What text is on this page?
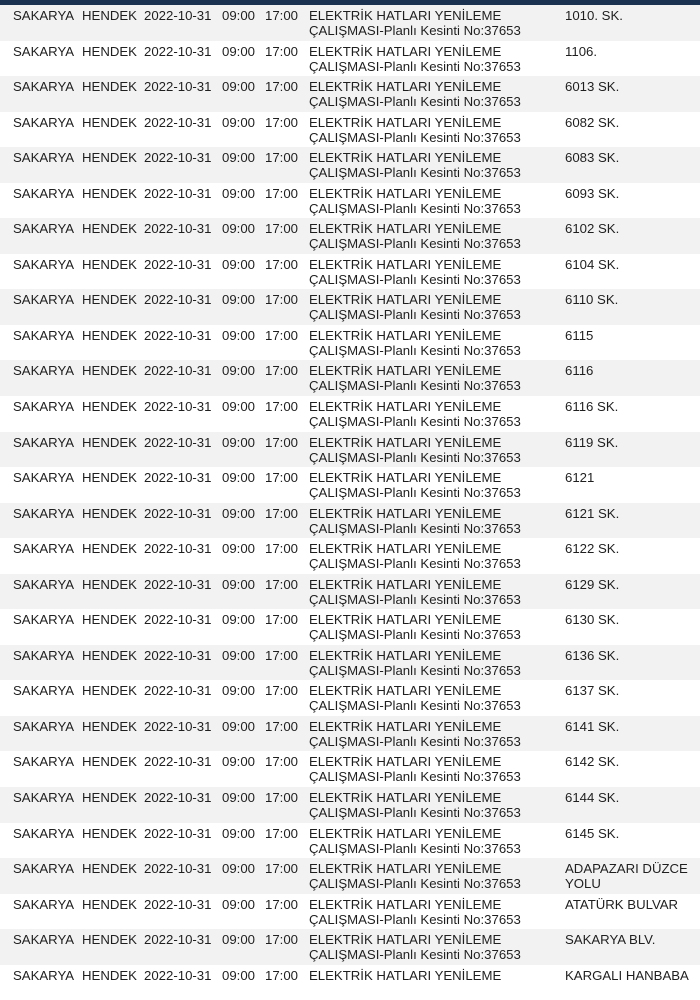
SAKARYA HENDEK 2022-10-31 09:00 17:00 ELEKTRİK HATLARI YENİLEME
ÇALIŞMASI-Planlı Kesinti No:37653
1010. SK.
SAKARYA HENDEK 2022-10-31 09:00 17:00 ELEKTRİK HATLARI YENİLEME
ÇALIŞMASI-Planlı Kesinti No:37653
1106.
SAKARYA HENDEK 2022-10-31 09:00 17:00 ELEKTRİK HATLARI YENİLEME
ÇALIŞMASI-Planlı Kesinti No:37653
6013 SK.
SAKARYA HENDEK 2022-10-31 09:00 17:00 ELEKTRİK HATLARI YENİLEME
ÇALIŞMASI-Planlı Kesinti No:37653
6082 SK.
SAKARYA HENDEK 2022-10-31 09:00 17:00 ELEKTRİK HATLARI YENİLEME
ÇALIŞMASI-Planlı Kesinti No:37653
6083 SK.
SAKARYA HENDEK 2022-10-31 09:00 17:00 ELEKTRİK HATLARI YENİLEME
ÇALIŞMASI-Planlı Kesinti No:37653
6093 SK.
SAKARYA HENDEK 2022-10-31 09:00 17:00 ELEKTRİK HATLARI YENİLEME
ÇALIŞMASI-Planlı Kesinti No:37653
6102 SK.
SAKARYA HENDEK 2022-10-31 09:00 17:00 ELEKTRİK HATLARI YENİLEME
ÇALIŞMASI-Planlı Kesinti No:37653
6104 SK.
SAKARYA HENDEK 2022-10-31 09:00 17:00 ELEKTRİK HATLARI YENİLEME
ÇALIŞMASI-Planlı Kesinti No:37653
6110 SK.
SAKARYA HENDEK 2022-10-31 09:00 17:00 ELEKTRİK HATLARI YENİLEME
ÇALIŞMASI-Planlı Kesinti No:37653
6115
SAKARYA HENDEK 2022-10-31 09:00 17:00 ELEKTRİK HATLARI YENİLEME
ÇALIŞMASI-Planlı Kesinti No:37653
6116
SAKARYA HENDEK 2022-10-31 09:00 17:00 ELEKTRİK HATLARI YENİLEME
ÇALIŞMASI-Planlı Kesinti No:37653
6116 SK.
SAKARYA HENDEK 2022-10-31 09:00 17:00 ELEKTRİK HATLARI YENİLEME
ÇALIŞMASI-Planlı Kesinti No:37653
6119 SK.
SAKARYA HENDEK 2022-10-31 09:00 17:00 ELEKTRİK HATLARI YENİLEME
ÇALIŞMASI-Planlı Kesinti No:37653
6121
SAKARYA HENDEK 2022-10-31 09:00 17:00 ELEKTRİK HATLARI YENİLEME
ÇALIŞMASI-Planlı Kesinti No:37653
6121 SK.
SAKARYA HENDEK 2022-10-31 09:00 17:00 ELEKTRİK HATLARI YENİLEME
ÇALIŞMASI-Planlı Kesinti No:37653
6122 SK.
SAKARYA HENDEK 2022-10-31 09:00 17:00 ELEKTRİK HATLARI YENİLEME
ÇALIŞMASI-Planlı Kesinti No:37653
6129 SK.
SAKARYA HENDEK 2022-10-31 09:00 17:00 ELEKTRİK HATLARI YENİLEME
ÇALIŞMASI-Planlı Kesinti No:37653
6130 SK.
SAKARYA HENDEK 2022-10-31 09:00 17:00 ELEKTRİK HATLARI YENİLEME
ÇALIŞMASI-Planlı Kesinti No:37653
6136 SK.
SAKARYA HENDEK 2022-10-31 09:00 17:00 ELEKTRİK HATLARI YENİLEME
ÇALIŞMASI-Planlı Kesinti No:37653
6137 SK.
SAKARYA HENDEK 2022-10-31 09:00 17:00 ELEKTRİK HATLARI YENİLEME
ÇALIŞMASI-Planlı Kesinti No:37653
6141 SK.
SAKARYA HENDEK 2022-10-31 09:00 17:00 ELEKTRİK HATLARI YENİLEME
ÇALIŞMASI-Planlı Kesinti No:37653
6142 SK.
SAKARYA HENDEK 2022-10-31 09:00 17:00 ELEKTRİK HATLARI YENİLEME
ÇALIŞMASI-Planlı Kesinti No:37653
6144 SK.
SAKARYA HENDEK 2022-10-31 09:00 17:00 ELEKTRİK HATLARI YENİLEME
ÇALIŞMASI-Planlı Kesinti No:37653
6145 SK.
SAKARYA HENDEK 2022-10-31 09:00 17:00 ELEKTRİK HATLARI YENİLEME
ÇALIŞMASI-Planlı Kesinti No:37653
ADAPAZARI DÜZCE YOLU
SAKARYA HENDEK 2022-10-31 09:00 17:00 ELEKTRİK HATLARI YENİLEME
ÇALIŞMASI-Planlı Kesinti No:37653
ATATÜRK BULVAR
SAKARYA HENDEK 2022-10-31 09:00 17:00 ELEKTRİK HATLARI YENİLEME
ÇALIŞMASI-Planlı Kesinti No:37653
SAKARYA BLV.
SAKARYA HENDEK 2022-10-31 09:00 17:00 ELEKTRİK HATLARI YENİLEME	KARGALI HANBABA
